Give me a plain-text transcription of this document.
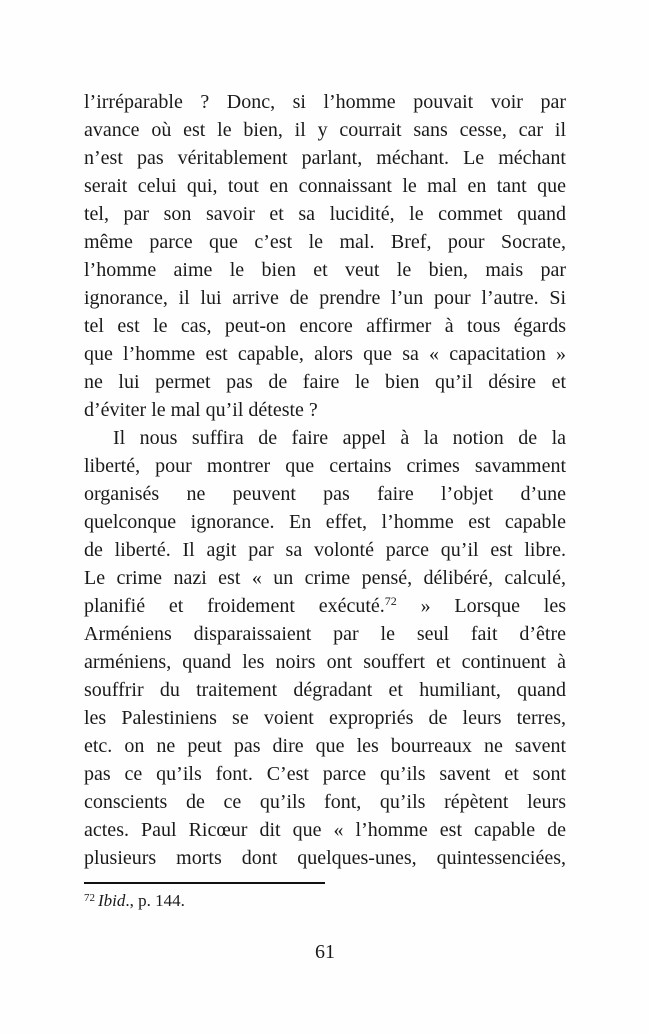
l’irréparable ? Donc, si l’homme pouvait voir par
avance où est le bien, il y courrait sans cesse, car il
n’est pas véritablement parlant, méchant. Le méchant
serait celui qui, tout en connaissant le mal en tant que
tel, par son savoir et sa lucidité, le commet quand
même parce que c’est le mal. Bref, pour Socrate,
l’homme aime le bien et veut le bien, mais par
ignorance, il lui arrive de prendre l’un pour l’autre. Si
tel est le cas, peut-on encore affirmer à tous égards
que l’homme est capable, alors que sa « capacitation »
ne lui permet pas de faire le bien qu’il désire et
d’éviter le mal qu’il déteste ?
Il nous suffira de faire appel à la notion de la
liberté, pour montrer que certains crimes savamment
organisés ne peuvent pas faire l’objet d’une
quelconque ignorance. En effet, l’homme est capable
de liberté. Il agit par sa volonté parce qu’il est libre.
Le crime nazi est « un crime pensé, délibéré, calculé,
planifié et froidement exécuté.$^{72}$ » Lorsque les
Arméniens disparaissaient par le seul fait d’être
arméniens, quand les noirs ont souffert et continuent à
souffrir du traitement dégradant et humiliant, quand
les Palestiniens se voient expropriés de leurs terres,
etc. on ne peut pas dire que les bourreaux ne savent
pas ce qu’ils font. C’est parce qu’ils savent et sont
conscients de ce qu’ils font, qu’ils répètent leurs
actes. Paul Ricœur dit que « l’homme est capable de
plusieurs morts dont quelques-unes, quintessenciées,
$^{72}$ Ibid., p. 144.
61
